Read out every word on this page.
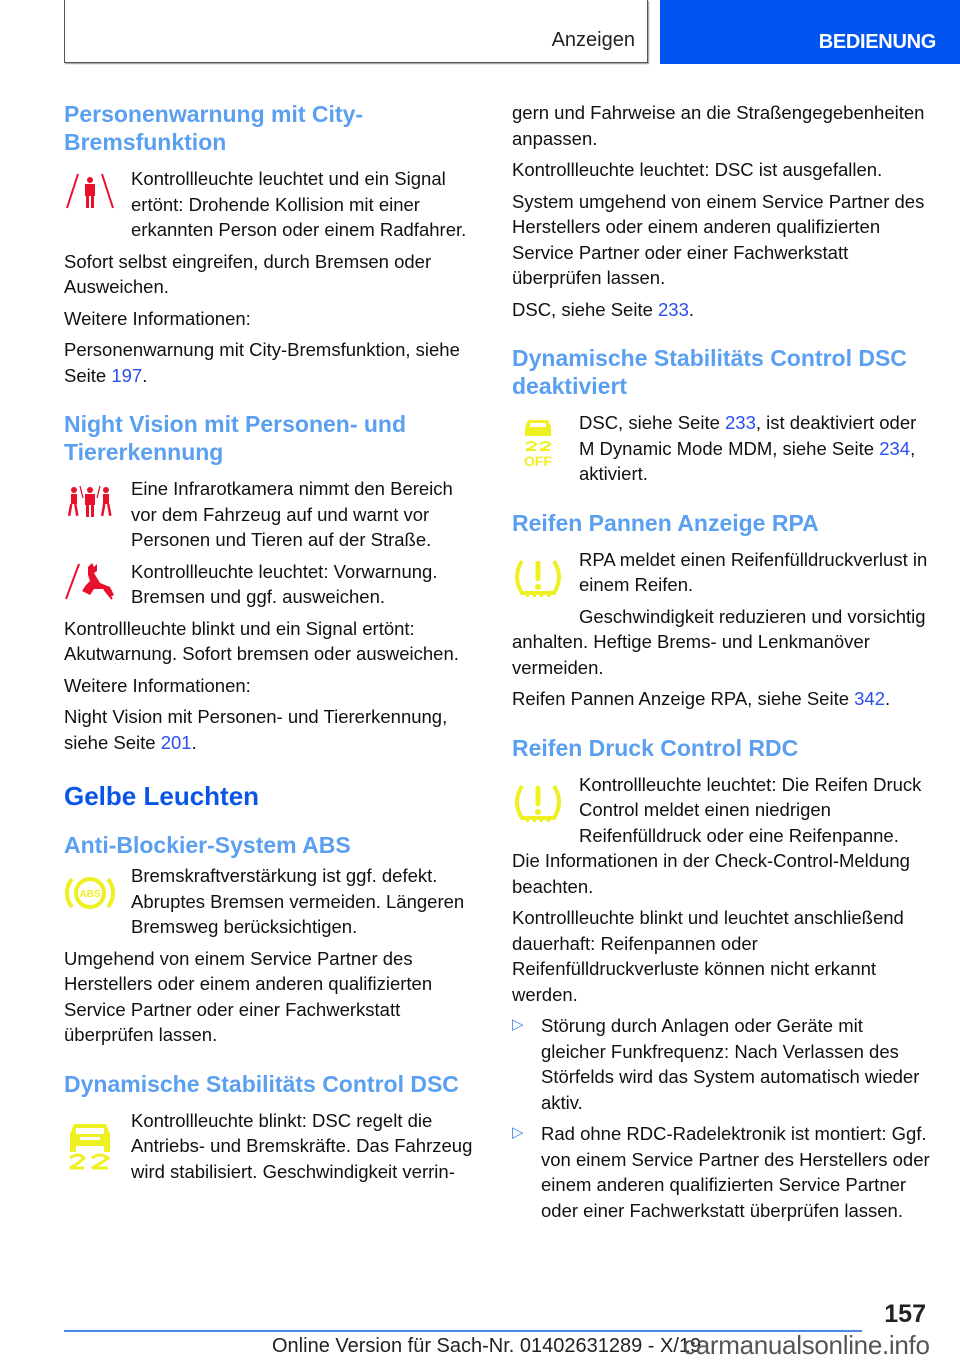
Anzeigen	BEDIENUNG
Personenwarnung mit City-Bremsfunktion

Kontrollleuchte leuchtet und ein Signal ertönt: Drohende Kollision mit einer erkannten Person oder einem Radfahrer.

Sofort selbst eingreifen, durch Bremsen oder Ausweichen.

Weitere Informationen:

Personenwarnung mit City-Bremsfunktion, siehe Seite 197.

Night Vision mit Personen- und Tiererkennung

Eine Infrarotkamera nimmt den Bereich vor dem Fahrzeug auf und warnt vor Personen und Tieren auf der Straße.

Kontrollleuchte leuchtet: Vorwarnung. Bremsen und ggf. ausweichen.

Kontrollleuchte blinkt und ein Signal ertönt: Akutwarnung. Sofort bremsen oder ausweichen.

Weitere Informationen:

Night Vision mit Personen- und Tiererkennung, siehe Seite 201.

Gelbe Leuchten
Anti-Blockier-System ABS
ABS

Bremskraftverstärkung ist ggf. defekt. Abruptes Bremsen vermeiden. Längeren Bremsweg berücksichtigen.

Umgehend von einem Service Partner des Herstellers oder einem anderen qualifizierten Service Partner oder einer Fachwerkstatt überprüfen lassen.

Dynamische Stabilitäts Control DSC

Kontrollleuchte blinkt: DSC regelt die Antriebs- und Bremskräfte. Das Fahrzeug wird stabilisiert. Geschwindigkeit verrin-

gern und Fahrweise an die Straßengegebenheiten anpassen.

Kontrollleuchte leuchtet: DSC ist ausgefallen.

System umgehend von einem Service Partner des Herstellers oder einem anderen qualifizierten Service Partner oder einer Fachwerkstatt überprüfen lassen.

DSC, siehe Seite 233.

Dynamische Stabilitäts Control DSC deaktiviert
OFF

DSC, siehe Seite 233, ist deaktiviert oder M Dynamic Mode MDM, siehe Seite 234, aktiviert.

Reifen Pannen Anzeige RPA

RPA meldet einen Reifenfülldruckverlust in einem Reifen.

Geschwindigkeit reduzieren und vorsichtig anhalten. Heftige Brems- und Lenkmanöver vermeiden.

Reifen Pannen Anzeige RPA, siehe Seite 342.

Reifen Druck Control RDC

Kontrollleuchte leuchtet: Die Reifen Druck Control meldet einen niedrigen Reifenfülldruck oder eine Reifenpanne.

Die Informationen in der Check-Control-Meldung beachten.

Kontrollleuchte blinkt und leuchtet anschließend dauerhaft: Reifenpannen oder Reifenfülldruckverluste können nicht erkannt werden.

▷ Störung durch Anlagen oder Geräte mit gleicher Funkfrequenz: Nach Verlassen des Störfelds wird das System automatisch wieder aktiv.

▷ Rad ohne RDC-Radelektronik ist montiert: Ggf. von einem Service Partner des Herstellers oder einem anderen qualifizierten Service Partner oder einer Fachwerkstatt überprüfen lassen.

157
Online Version für Sach-Nr. 01402631289 - X/19
carmanualsonline.info
